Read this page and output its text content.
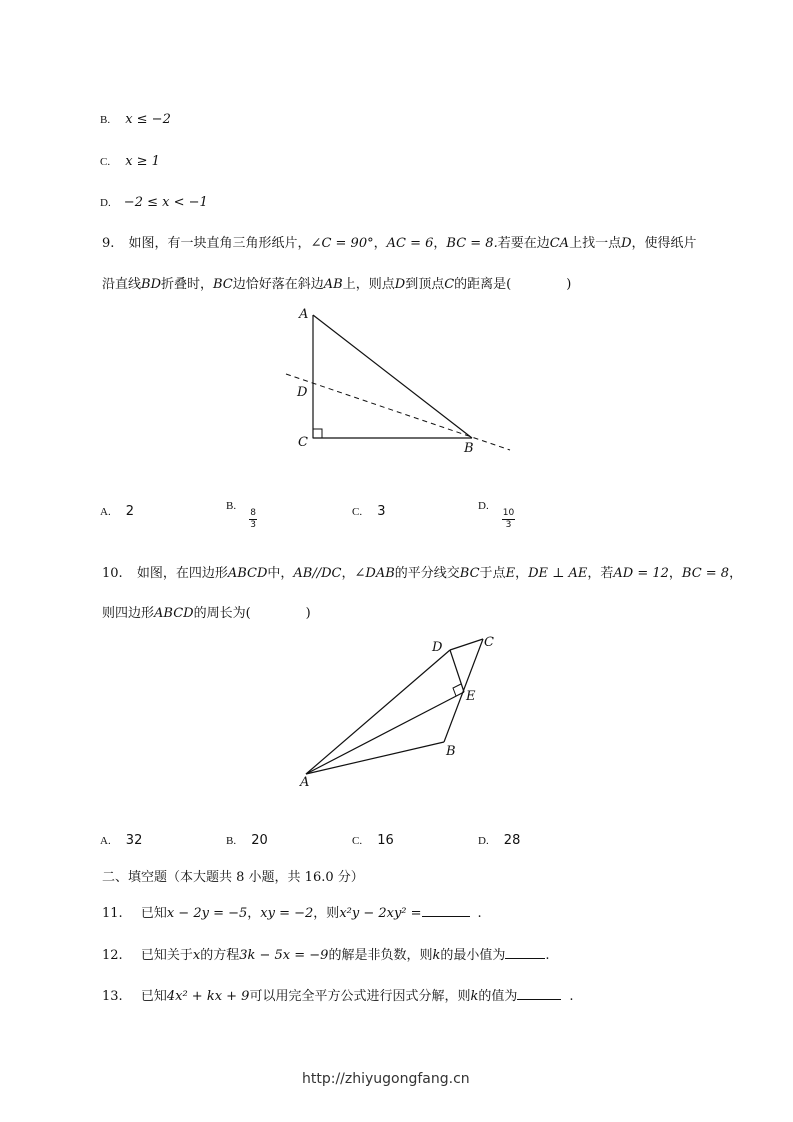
B. x ≤ −2
C. x ≥ 1
D. −2 ≤ x < −1
9. 如图，有一块直角三角形纸片，∠C = 90°，AC = 6，BC = 8.若要在边CA上找一点D，使得纸片
沿直线BD折叠时，BC边恰好落在斜边AB上，则点D到顶点C的距离是(	)
A
D
C	B
A. 2	$^{B.}$
$\frac{8}{3}$	C. 3	$^{D.}$
$\frac{10}{3}$
10. 如图，在四边形ABCD中，AB//DC，∠DAB的平分线交BC于点E，DE ⊥ AE，若AD = 12，BC = 8，
则四边形ABCD的周长为(	)
D	C
E
B
A
A. 32	B. 20	C. 16	D. 28
二、填空题（本大题共 8 小题，共 16.0 分）
11. 已知x − 2y = −5，xy = −2，则x²y − 2xy² =	.
12. 已知关于x的方程3k − 5x = −9的解是非负数，则k的最小值为	.
13. 已知4x² + kx + 9可以用完全平方公式进行因式分解，则k的值为	.
http://zhiyugongfang.cn
